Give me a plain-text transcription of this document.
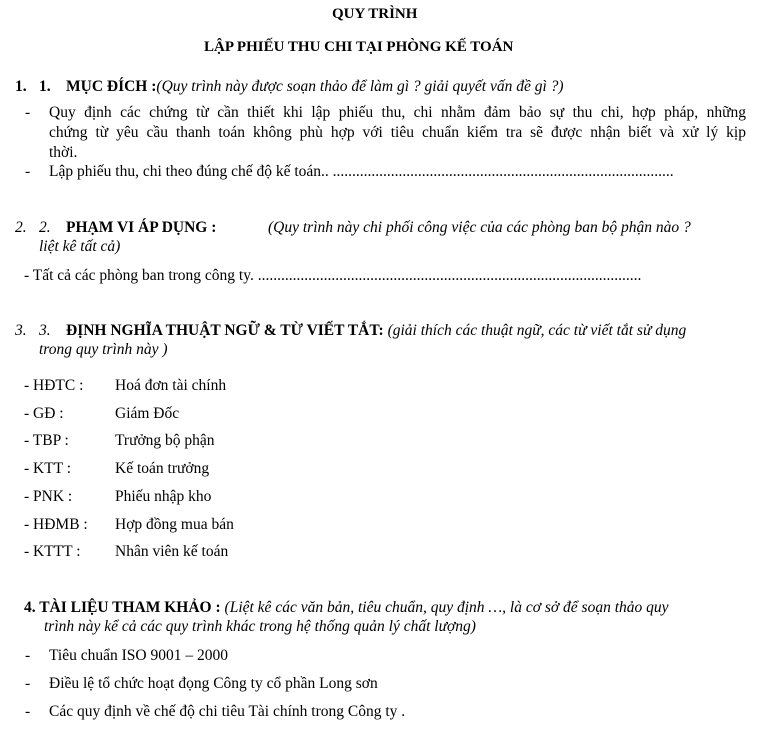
QUY TRÌNH
LẬP PHIẾU THU CHI TẠI PHÒNG KẾ TOÁN
1. 1. MỤC ĐÍCH :(Quy trình này được soạn thảo để làm gì ? giải quyết vấn đề gì ?)
- Quy định các chứng từ cần thiết khi lập phiếu thu, chi nhằm đảm bảo sự thu chi, hợp pháp, những
chứng từ yêu cầu thanh toán không phù hợp với tiêu chuẩn kiểm tra sẽ được nhận biết và xử lý kịp
thời.
- Lập phiếu thu, chi theo đúng chế độ kế toán.. ........................................................................................
2. 2. PHẠM VI ÁP DỤNG :	(Quy trình này chi phối công việc của các phòng ban bộ phận nào ?
liệt kê tất cả)
- Tất cả các phòng ban trong công ty. ...................................................................................................
3. 3. ĐỊNH NGHĨA THUẬT NGỮ & TỪ VIẾT TẮT: (giải thích các thuật ngữ, các từ viết tắt sử dụng
trong quy trình này )
- HĐTC : Hoá đơn tài chính
- GĐ :	Giám Đốc
- TBP :	Trưởng bộ phận
- KTT :	Kế toán trưởng
- PNK :	Phiếu nhập kho
- HĐMB : Hợp đồng mua bán
- KTTT : Nhân viên kế toán
4. TÀI LIỆU THAM KHẢO : (Liệt kê các văn bản, tiêu chuẩn, quy định …, là cơ sở để soạn thảo quy
trình này kể cả các quy trình khác trong hệ thống quản lý chất lượng)
- Tiêu chuẩn ISO 9001 – 2000
- Điều lệ tổ chức hoạt đọng Công ty cổ phần Long sơn
- Các quy định về chế độ chi tiêu Tài chính trong Công ty .
